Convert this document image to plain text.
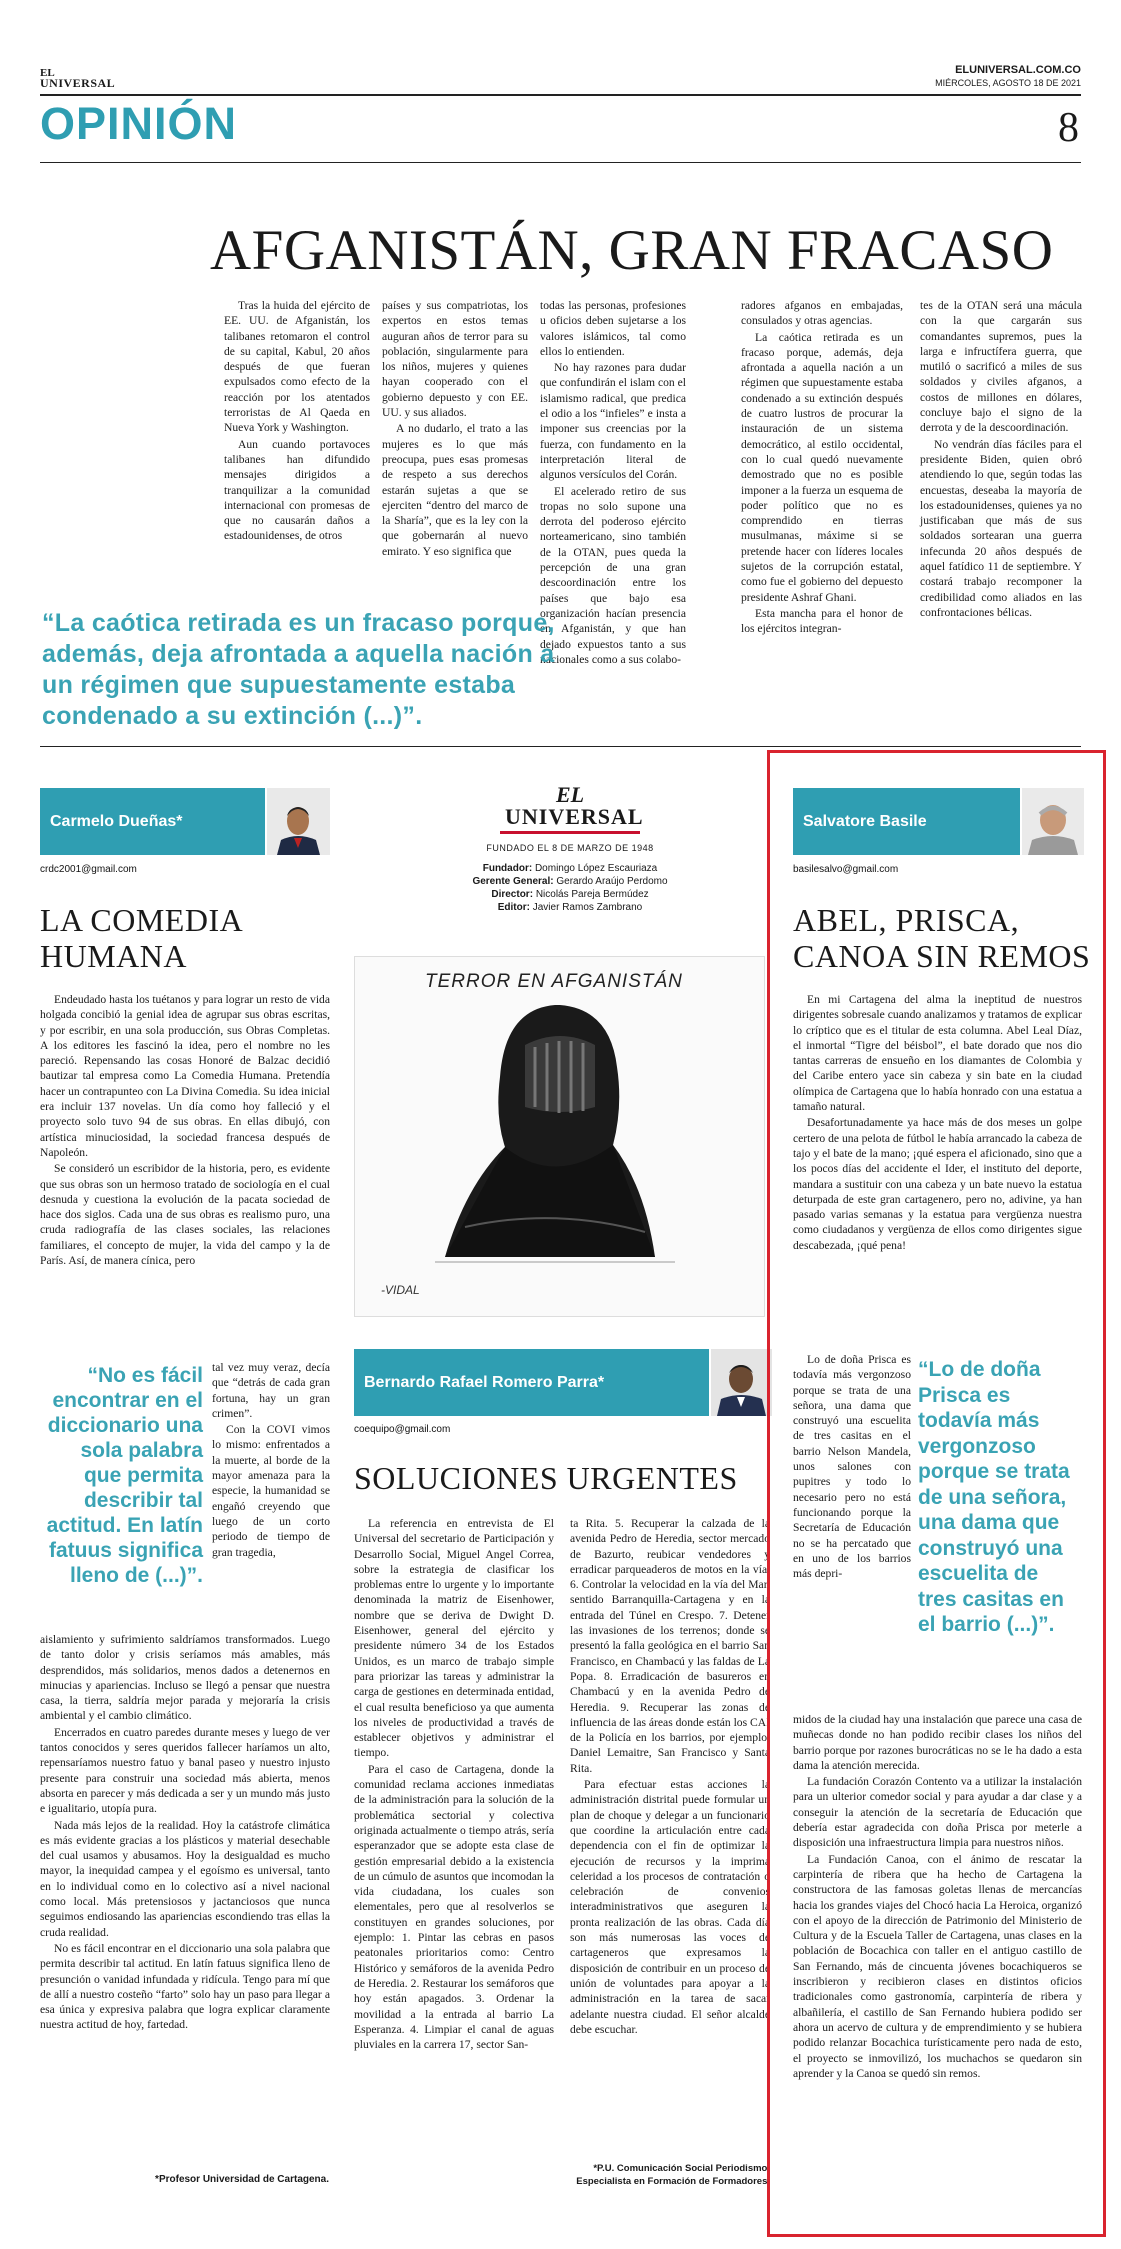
EL
UNIVERSAL
ELUNIVERSAL.COM.CO
MIÉRCOLES, AGOSTO 18 DE 2021
OPINIÓN	8
AFGANISTÁN, GRAN FRACASO

Tras la huida del ejército de EE. UU. de Afganistán, los talibanes retomaron el control de su capital, Kabul, 20 años después de que fueran expulsados como efecto de la reacción por los atentados terroristas de Al Qaeda en Nueva York y Washington.

Aun cuando portavoces talibanes han difundido mensajes dirigidos a tranquilizar a la comunidad internacional con promesas de que no causarán daños a estadounidenses, de otros

países y sus compatriotas, los expertos en estos temas auguran años de terror para su población, singularmente para los niños, mujeres y quienes hayan cooperado con el gobierno depuesto y con EE. UU. y sus aliados.

A no dudarlo, el trato a las mujeres es lo que más preocupa, pues esas promesas de respeto a sus derechos estarán sujetas a que se ejerciten “dentro del marco de la Sharía”, que es la ley con la que gobernarán al nuevo emirato. Y eso significa que

todas las personas, profesiones u oficios deben sujetarse a los valores islámicos, tal como ellos lo entienden.

No hay razones para dudar que confundirán el islam con el islamismo radical, que predica el odio a los “infieles” e insta a imponer sus creencias por la fuerza, con fundamento en la interpretación literal de algunos versículos del Corán.

El acelerado retiro de sus tropas no solo supone una derrota del poderoso ejército norteamericano, sino también de la OTAN, pues queda la percepción de una gran descoordinación entre los países que bajo esa organización hacían presencia en Afganistán, y que han dejado expuestos tanto a sus nacionales como a sus colabo-

radores afganos en embajadas, consulados y otras agencias.

La caótica retirada es un fracaso porque, además, deja afrontada a aquella nación a un régimen que supuestamente estaba condenado a su extinción después de cuatro lustros de procurar la instauración de un sistema democrático, al estilo occidental, con lo cual quedó nuevamente demostrado que no es posible imponer a la fuerza un esquema de poder político que no es comprendido en tierras musulmanas, máxime si se pretende hacer con líderes locales sujetos de la corrupción estatal, como fue el gobierno del depuesto presidente Ashraf Ghani.

Esta mancha para el honor de los ejércitos integran-

tes de la OTAN será una mácula con la que cargarán sus comandantes supremos, pues la larga e infructífera guerra, que mutiló o sacrificó a miles de sus soldados y civiles afganos, a costos de millones en dólares, concluye bajo el signo de la derrota y de la descoordinación.

No vendrán días fáciles para el presidente Biden, quien obró atendiendo lo que, según todas las encuestas, deseaba la mayoría de los estadounidenses, quienes ya no justificaban que más de sus soldados sortearan una guerra infecunda 20 años después de aquel fatídico 11 de septiembre. Y costará trabajo recomponer la credibilidad como aliados en las confrontaciones bélicas.

“La caótica retirada es un fracaso porque, además, deja afrontada a aquella nación a un régimen que supuestamente estaba condenado a su extinción (...)”.
Carmelo Dueñas*
crdc2001@gmail.com
LA COMEDIA
HUMANA

Endeudado hasta los tuétanos y para lograr un resto de vida holgada concibió la genial idea de agrupar sus obras escritas, y por escribir, en una sola producción, sus Obras Completas. A los editores les fascinó la idea, pero el nombre no les pareció. Repensando las cosas Honoré de Balzac decidió bautizar tal empresa como La Comedia Humana. Pretendía hacer un contrapunteo con La Divina Comedia. Su idea inicial era incluir 137 novelas. Un día como hoy falleció y el proyecto solo tuvo 94 de sus obras. En ellas dibujó, con artística minuciosidad, la sociedad francesa después de Napoleón.

Se consideró un escribidor de la historia, pero, es evidente que sus obras son un hermoso tratado de sociología en el cual desnuda y cuestiona la evolución de la pacata sociedad de hace dos siglos. Cada una de sus obras es realismo puro, una cruda radiografía de las clases sociales, las relaciones familiares, el concepto de mujer, la vida del campo y la de París. Así, de manera cínica, pero

“No es fácil encontrar en el diccionario una sola palabra que permita describir tal actitud. En latín fatuus significa lleno de (...)”.

tal vez muy veraz, decía que “detrás de cada gran fortuna, hay un gran crimen”.

Con la COVI vimos lo mismo: enfrentados a la muerte, al borde de la mayor amenaza para la especie, la humanidad se engañó creyendo que luego de un corto periodo de tiempo de gran tragedia,

aislamiento y sufrimiento saldríamos transformados. Luego de tanto dolor y crisis seríamos más amables, más desprendidos, más solidarios, menos dados a detenernos en minucias y apariencias. Incluso se llegó a pensar que nuestra casa, la tierra, saldría mejor parada y mejoraría la crisis ambiental y el cambio climático.

Encerrados en cuatro paredes durante meses y luego de ver tantos conocidos y seres queridos fallecer haríamos un alto, repensaríamos nuestro fatuo y banal paseo y nuestro injusto presente para construir una sociedad más abierta, menos absorta en parecer y más dedicada a ser y un mundo más justo e igualitario, utopía pura.

Nada más lejos de la realidad. Hoy la catástrofe climática es más evidente gracias a los plásticos y material desechable del cual usamos y abusamos. Hoy la desigualdad es mucho mayor, la inequidad campea y el egoísmo es universal, tanto en lo individual como en lo colectivo así a nivel nacional como local. Más pretensiosos y jactanciosos que nunca seguimos endiosando las apariencias escondiendo tras ellas la cruda realidad.

No es fácil encontrar en el diccionario una sola palabra que permita describir tal actitud. En latín fatuus significa lleno de presunción o vanidad infundada y ridícula. Tengo para mí que de allí a nuestro costeño “farto” solo hay un paso para llegar a esa única y expresiva palabra que logra explicar claramente nuestra actitud de hoy, fartedad.

*Profesor Universidad de Cartagena.
EL
UNIVERSAL
FUNDADO EL 8 DE MARZO DE 1948
Fundador: Domingo López Escauriaza
Gerente General: Gerardo Araújo Perdomo
Director: Nicolás Pareja Bermúdez
Editor: Javier Ramos Zambrano
TERROR EN AFGANISTÁN
-VIDAL
Bernardo Rafael Romero Parra*
coequipo@gmail.com
SOLUCIONES URGENTES

La referencia en entrevista de El Universal del secretario de Participación y Desarrollo Social, Miguel Angel Correa, sobre la estrategia de clasificar los problemas entre lo urgente y lo importante denominada la matriz de Eisenhower, nombre que se deriva de Dwight D. Eisenhower, general del ejército y presidente número 34 de los Estados Unidos, es un marco de trabajo simple para priorizar las tareas y administrar la carga de gestiones en determinada entidad, el cual resulta beneficioso ya que aumenta los niveles de productividad a través de establecer objetivos y administrar el tiempo.

Para el caso de Cartagena, donde la comunidad reclama acciones inmediatas de la administración para la solución de la problemática sectorial y colectiva originada actualmente o tiempo atrás, sería esperanzador que se adopte esta clase de gestión empresarial debido a la existencia de un cúmulo de asuntos que incomodan la vida ciudadana, los cuales son elementales, pero que al resolverlos se constituyen en grandes soluciones, por ejemplo: 1. Pintar las cebras en pasos peatonales prioritarios como: Centro Histórico y semáforos de la avenida Pedro de Heredia. 2. Restaurar los semáforos que hoy están apagados. 3. Ordenar la movilidad a la entrada al barrio La Esperanza. 4. Limpiar el canal de aguas pluviales en la carrera 17, sector San-

ta Rita. 5. Recuperar la calzada de la avenida Pedro de Heredia, sector mercado de Bazurto, reubicar vendedores y erradicar parqueaderos de motos en la vía. 6. Controlar la velocidad en la vía del Mar, sentido Barranquilla-Cartagena y en la entrada del Túnel en Crespo. 7. Detener las invasiones de los terrenos; donde se presentó la falla geológica en el barrio San Francisco, en Chambacú y las faldas de La Popa. 8. Erradicación de basureros en Chambacú y en la avenida Pedro de Heredia. 9. Recuperar las zonas de influencia de las áreas donde están los CAI de la Policía en los barrios, por ejemplo, Daniel Lemaitre, San Francisco y Santa Rita.

Para efectuar estas acciones la administración distrital puede formular un plan de choque y delegar a un funcionario que coordine la articulación entre cada dependencia con el fin de optimizar la ejecución de recursos y la imprima celeridad a los procesos de contratación o celebración de convenios interadministrativos que aseguren la pronta realización de las obras. Cada día son más numerosas las voces de cartageneros que expresamos la disposición de contribuir en un proceso de unión de voluntades para apoyar a la administración en la tarea de sacar adelante nuestra ciudad. El señor alcalde debe escuchar.

*P.U. Comunicación Social Periodismo. Especialista en Formación de Formadores.
Salvatore Basile
basilesalvo@gmail.com
ABEL, PRISCA,
CANOA SIN REMOS

En mi Cartagena del alma la ineptitud de nuestros dirigentes sobresale cuando analizamos y tratamos de explicar lo críptico que es el titular de esta columna. Abel Leal Díaz, el inmortal “Tigre del béisbol”, el bate dorado que nos dio tantas carreras de ensueño en los diamantes de Colombia y del Caribe entero yace sin cabeza y sin bate en la ciudad olímpica de Cartagena que lo había honrado con una estatua a tamaño natural.

Desafortunadamente ya hace más de dos meses un golpe certero de una pelota de fútbol le había arrancado la cabeza de tajo y el bate de la mano; ¡qué espera el aficionado, sino que a los pocos días del accidente el Ider, el instituto del deporte, mandara a sustituir con una cabeza y un bate nuevo la estatua deturpada de este gran cartagenero, pero no, adivine, ya han pasado varias semanas y la estatua para vergüenza nuestra como ciudadanos y vergüenza de ellos como dirigentes sigue descabezada, ¡qué pena!

Lo de doña Prisca es todavía más vergonzoso porque se trata de una señora, una dama que construyó una escuelita de tres casitas en el barrio Nelson Mandela, unos salones con pupitres y todo lo necesario pero no está funcionando porque la Secretaría de Educación no se ha percatado que en uno de los barrios más depri-

“Lo de doña Prisca es todavía más vergonzoso porque se trata de una señora, una dama que construyó una escuelita de tres casitas en el barrio (...)”.

midos de la ciudad hay una instalación que parece una casa de muñecas donde no han podido recibir clases los niños del barrio porque por razones burocráticas no se le ha dado a esta dama la atención merecida.

La fundación Corazón Contento va a utilizar la instalación para un ulterior comedor social y para ayudar a dar clase y a conseguir la atención de la secretaría de Educación que debería estar agradecida con doña Prisca por meterle a disposición una infraestructura limpia para nuestros niños.

La Fundación Canoa, con el ánimo de rescatar la carpintería de ribera que ha hecho de Cartagena la constructora de las famosas goletas llenas de mercancías hacia los grandes viajes del Chocó hacia La Heroica, organizó con el apoyo de la dirección de Patrimonio del Ministerio de Cultura y de la Escuela Taller de Cartagena, unas clases en la población de Bocachica con taller en el antiguo castillo de San Fernando, más de cincuenta jóvenes bocachiqueros se inscribieron y recibieron clases en distintos oficios tradicionales como gastronomía, carpintería de ribera y albañilería, el castillo de San Fernando hubiera podido ser ahora un acervo de cultura y de emprendimiento y se hubiera podido relanzar Bocachica turísticamente pero nada de esto, el proyecto se inmovilizó, los muchachos se quedaron sin aprender y la Canoa se quedó sin remos.
